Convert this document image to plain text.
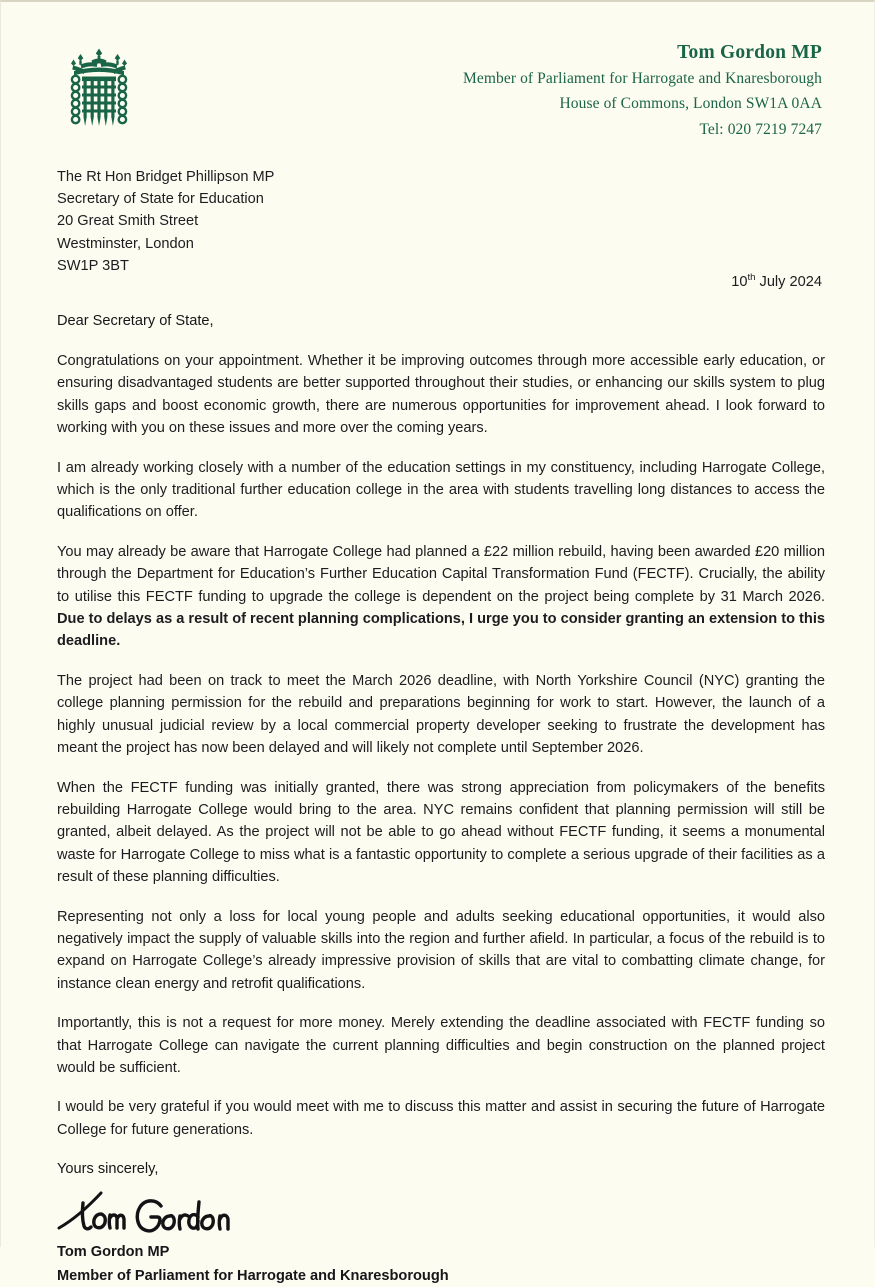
Tom Gordon MP
Member of Parliament for Harrogate and Knaresborough
House of Commons, London SW1A 0AA
Tel: 020 7219 7247
The Rt Hon Bridget Phillipson MP
Secretary of State for Education
20 Great Smith Street
Westminster, London
SW1P 3BT
10th July 2024
Dear Secretary of State,

Congratulations on your appointment. Whether it be improving outcomes through more accessible early education, or ensuring disadvantaged students are better supported throughout their studies, or enhancing our skills system to plug skills gaps and boost economic growth, there are numerous opportunities for improvement ahead. I look forward to working with you on these issues and more over the coming years.

I am already working closely with a number of the education settings in my constituency, including Harrogate College, which is the only traditional further education college in the area with students travelling long distances to access the qualifications on offer.

You may already be aware that Harrogate College had planned a £22 million rebuild, having been awarded £20 million through the Department for Education’s Further Education Capital Transformation Fund (FECTF). Crucially, the ability to utilise this FECTF funding to upgrade the college is dependent on the project being complete by 31 March 2026. Due to delays as a result of recent planning complications, I urge you to consider granting an extension to this deadline.

The project had been on track to meet the March 2026 deadline, with North Yorkshire Council (NYC) granting the college planning permission for the rebuild and preparations beginning for work to start. However, the launch of a highly unusual judicial review by a local commercial property developer seeking to frustrate the development has meant the project has now been delayed and will likely not complete until September 2026.

When the FECTF funding was initially granted, there was strong appreciation from policymakers of the benefits rebuilding Harrogate College would bring to the area. NYC remains confident that planning permission will still be granted, albeit delayed. As the project will not be able to go ahead without FECTF funding, it seems a monumental waste for Harrogate College to miss what is a fantastic opportunity to complete a serious upgrade of their facilities as a result of these planning difficulties.

Representing not only a loss for local young people and adults seeking educational opportunities, it would also negatively impact the supply of valuable skills into the region and further afield. In particular, a focus of the rebuild is to expand on Harrogate College’s already impressive provision of skills that are vital to combatting climate change, for instance clean energy and retrofit qualifications.

Importantly, this is not a request for more money. Merely extending the deadline associated with FECTF funding so that Harrogate College can navigate the current planning difficulties and begin construction on the planned project would be sufficient.

I would be very grateful if you would meet with me to discuss this matter and assist in securing the future of Harrogate College for future generations.

Yours sincerely,
Tom Gordon MP
Member of Parliament for Harrogate and Knaresborough
